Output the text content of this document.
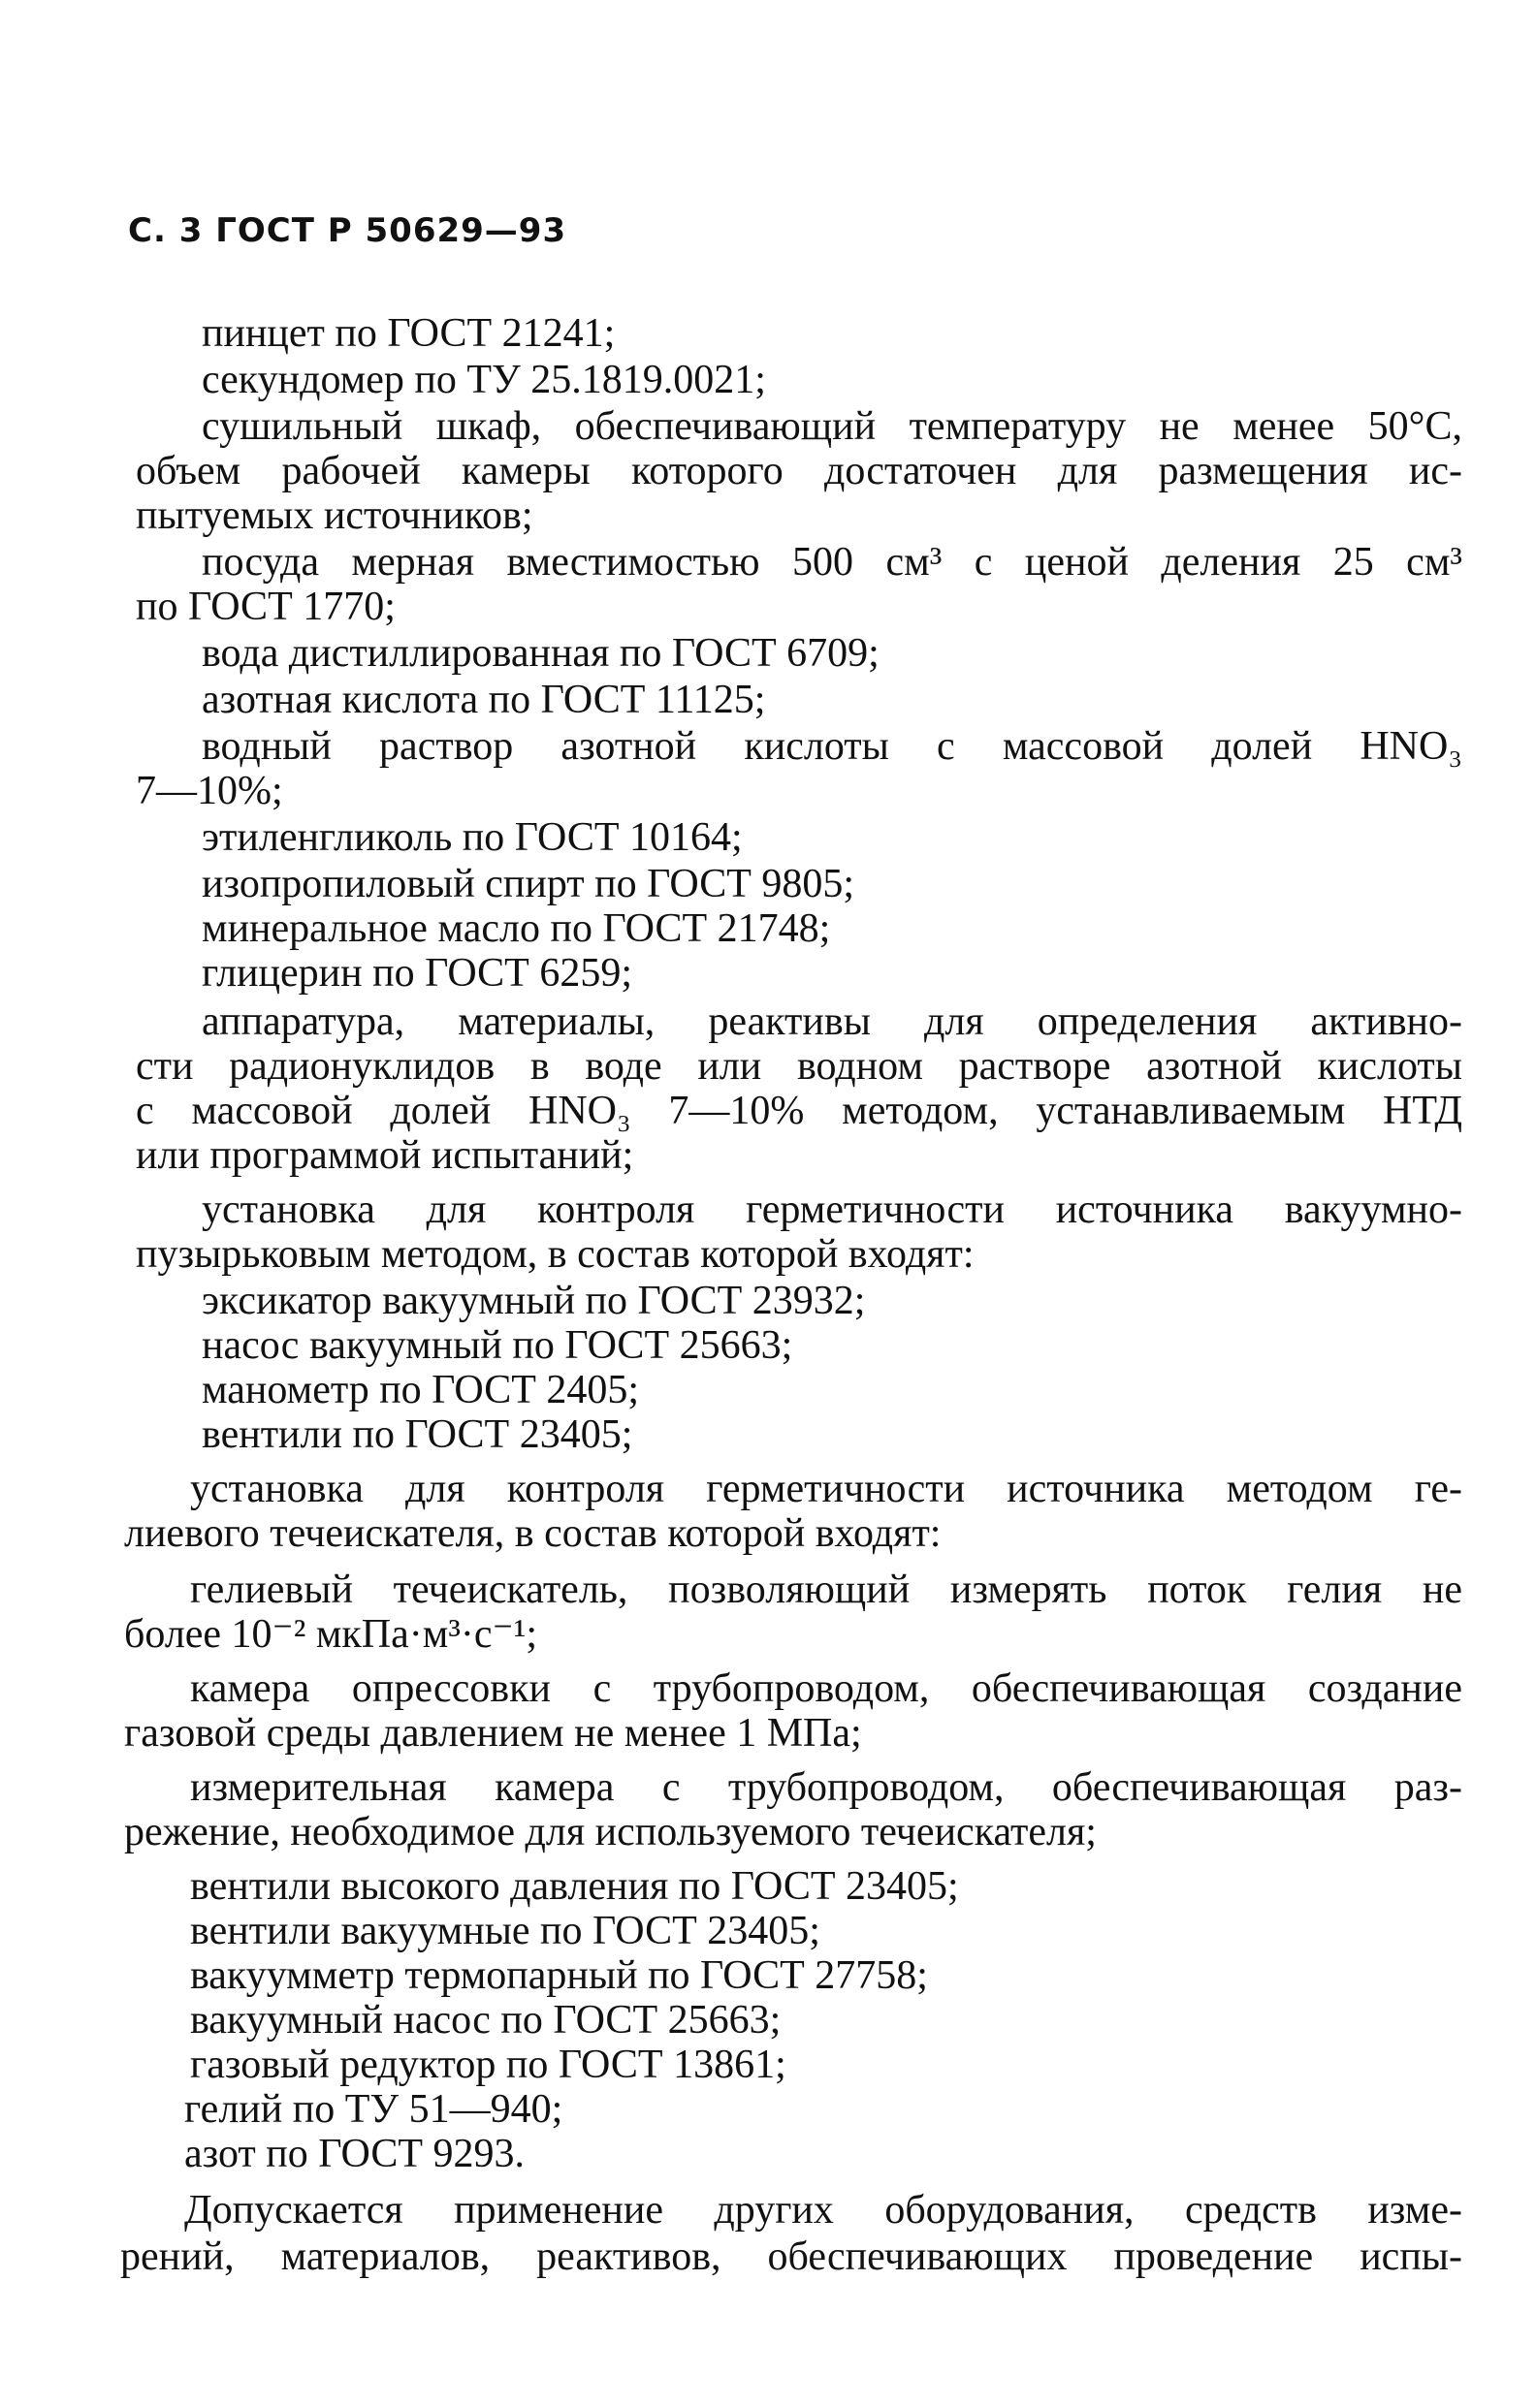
С. 3 ГОСТ Р 50629—93
пинцет по ГОСТ 21241;
секундомер по ТУ 25.1819.0021;
сушильный шкаф, обеспечивающий температуру не менее 50°С,
объем рабочей камеры которого достаточен для размещения ис-
пытуемых источников;
посуда мерная вместимостью 500 см³ с ценой деления 25 см³
по ГОСТ 1770;
вода дистиллированная по ГОСТ 6709;
азотная кислота по ГОСТ 11125;
водный раствор азотной кислоты с массовой долей HNO₃
7—10%;
этиленгликоль по ГОСТ 10164;
изопропиловый спирт по ГОСТ 9805;
минеральное масло по ГОСТ 21748;
глицерин по ГОСТ 6259;
аппаратура, материалы, реактивы для определения активно-
сти радионуклидов в воде или водном растворе азотной кислоты
с массовой долей HNO₃ 7—10% методом, устанавливаемым НТД
или программой испытаний;
установка для контроля герметичности источника вакуумно-
пузырьковым методом, в состав которой входят:
эксикатор вакуумный по ГОСТ 23932;
насос вакуумный по ГОСТ 25663;
манометр по ГОСТ 2405;
вентили по ГОСТ 23405;
установка для контроля герметичности источника методом ге-
лиевого течеискателя, в состав которой входят:
гелиевый течеискатель, позволяющий измерять поток гелия не
более 10⁻² мкПа·м³·с⁻¹;
камера опрессовки с трубопроводом, обеспечивающая создание
газовой среды давлением не менее 1 МПа;
измерительная камера с трубопроводом, обеспечивающая раз-
режение, необходимое для используемого течеискателя;
вентили высокого давления по ГОСТ 23405;
вентили вакуумные по ГОСТ 23405;
вакуумметр термопарный по ГОСТ 27758;
вакуумный насос по ГОСТ 25663;
газовый редуктор по ГОСТ 13861;
гелий по ТУ 51—940;
азот по ГОСТ 9293.
Допускается применение других оборудования, средств изме-
рений, материалов, реактивов, обеспечивающих проведение испы-
